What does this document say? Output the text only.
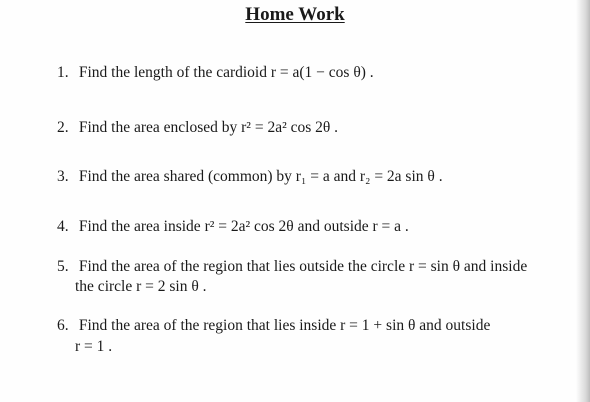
Home Work
1. Find the length of the cardioid r = a(1 − cos θ) .
2. Find the area enclosed by r² = 2a² cos 2θ .
3. Find the area shared (common) by r₁ = a and r₂ = 2a sin θ .
4. Find the area inside r² = 2a² cos 2θ and outside r = a .
5. Find the area of the region that lies outside the circle r = sin θ and inside
the circle r = 2 sin θ .
6. Find the area of the region that lies inside r = 1 + sin θ and outside
r = 1 .
